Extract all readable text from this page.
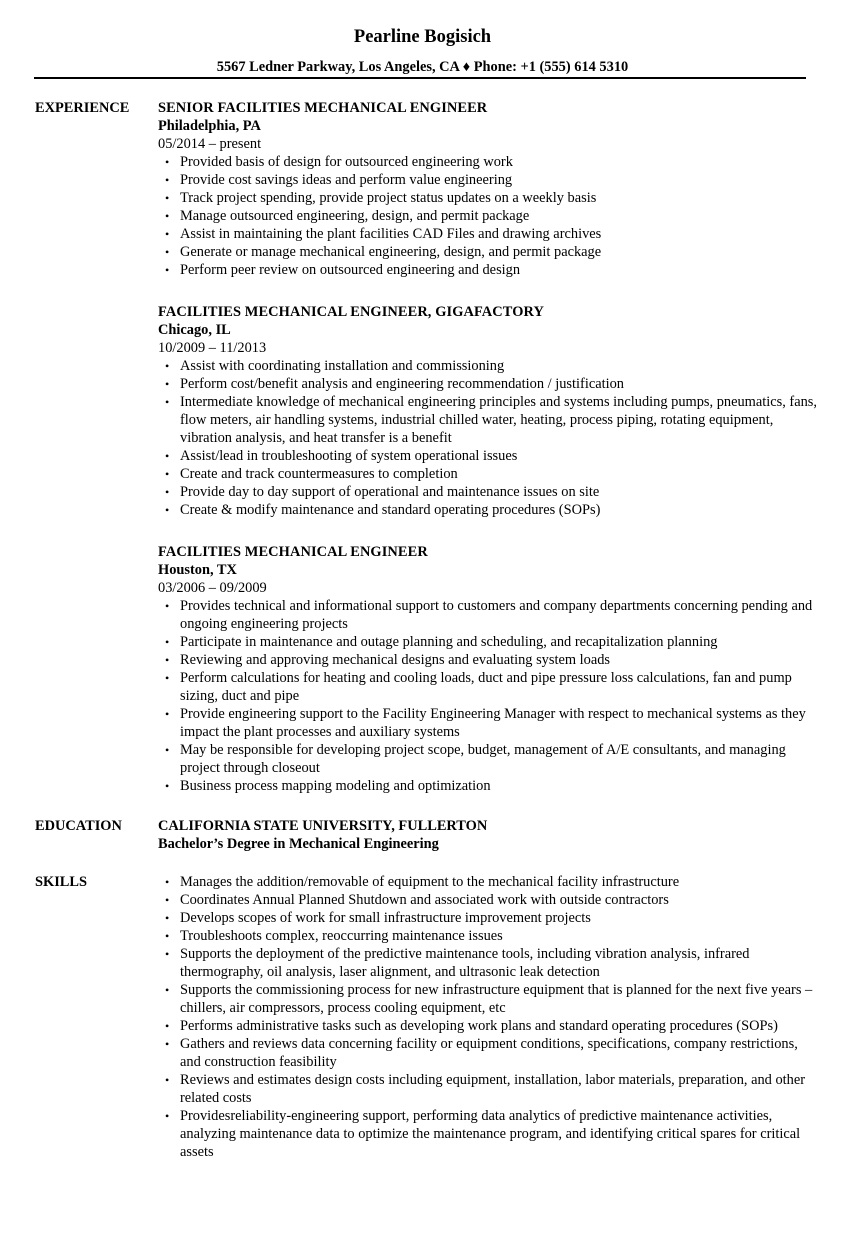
Pearline Bogisich
5567 Ledner Parkway, Los Angeles, CA ♦ Phone: +1 (555) 614 5310
EXPERIENCE SENIOR FACILITIES MECHANICAL ENGINEER
Philadelphia, PA
05/2014 – present
• Provided basis of design for outsourced engineering work
• Provide cost savings ideas and perform value engineering
• Track project spending, provide project status updates on a weekly basis
• Manage outsourced engineering, design, and permit package
• Assist in maintaining the plant facilities CAD Files and drawing archives
• Generate or manage mechanical engineering, design, and permit package
• Perform peer review on outsourced engineering and design
FACILITIES MECHANICAL ENGINEER, GIGAFACTORY
Chicago, IL
10/2009 – 11/2013
• Assist with coordinating installation and commissioning
• Perform cost/benefit analysis and engineering recommendation / justification
• Intermediate knowledge of mechanical engineering principles and systems including pumps, pneumatics, fans, flow meters, air handling systems, industrial chilled water, heating, process piping, rotating equipment, vibration analysis, and heat transfer is a benefit
• Assist/lead in troubleshooting of system operational issues
• Create and track countermeasures to completion
• Provide day to day support of operational and maintenance issues on site
• Create & modify maintenance and standard operating procedures (SOPs)
FACILITIES MECHANICAL ENGINEER
Houston, TX
03/2006 – 09/2009
• Provides technical and informational support to customers and company departments concerning pending and ongoing engineering projects
• Participate in maintenance and outage planning and scheduling, and recapitalization planning
• Reviewing and approving mechanical designs and evaluating system loads
• Perform calculations for heating and cooling loads, duct and pipe pressure loss calculations, fan and pump sizing, duct and pipe
• Provide engineering support to the Facility Engineering Manager with respect to mechanical systems as they impact the plant processes and auxiliary systems
• May be responsible for developing project scope, budget, management of A/E consultants, and managing project through closeout
• Business process mapping modeling and optimization
EDUCATION	CALIFORNIA STATE UNIVERSITY, FULLERTON
Bachelor’s Degree in Mechanical Engineering
SKILLS	• Manages the addition/removable of equipment to the mechanical facility infrastructure
• Coordinates Annual Planned Shutdown and associated work with outside contractors
• Develops scopes of work for small infrastructure improvement projects
• Troubleshoots complex, reoccurring maintenance issues
• Supports the deployment of the predictive maintenance tools, including vibration analysis, infrared thermography, oil analysis, laser alignment, and ultrasonic leak detection
• Supports the commissioning process for new infrastructure equipment that is planned for the next five years – chillers, air compressors, process cooling equipment, etc
• Performs administrative tasks such as developing work plans and standard operating procedures (SOPs)
• Gathers and reviews data concerning facility or equipment conditions, specifications, company restrictions, and construction feasibility
• Reviews and estimates design costs including equipment, installation, labor materials, preparation, and other related costs
• Providesreliability-engineering support, performing data analytics of predictive maintenance activities, analyzing maintenance data to optimize the maintenance program, and identifying critical spares for critical assets
